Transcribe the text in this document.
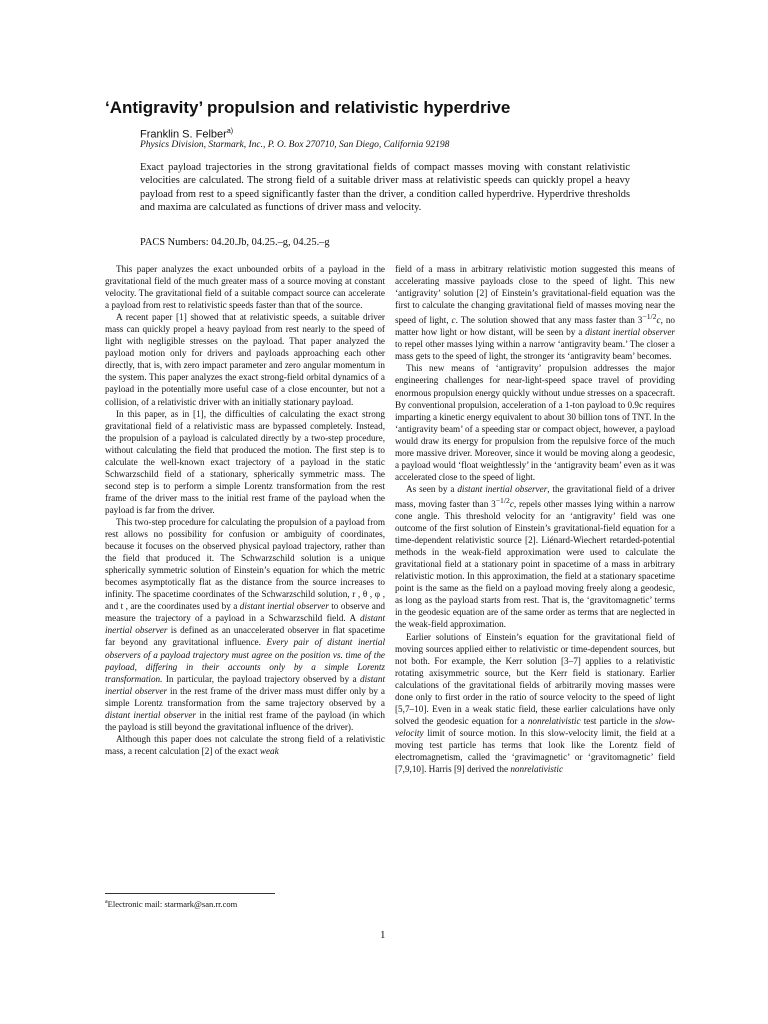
‘Antigravity’ propulsion and relativistic hyperdrive
Franklin S. Felber$^{a)}$
Physics Division, Starmark, Inc., P. O. Box 270710, San Diego, California 92198

Exact payload trajectories in the strong gravitational fields of compact masses moving with constant relativistic velocities are calculated. The strong field of a suitable driver mass at relativistic speeds can quickly propel a heavy payload from rest to a speed significantly faster than the driver, a condition called hyperdrive. Hyperdrive thresholds and maxima are calculated as functions of driver mass and velocity.

PACS Numbers: 04.20.Jb, 04.25.–g, 04.25.–g

This paper analyzes the exact unbounded orbits of a payload in the gravitational field of the much greater mass of a source moving at constant velocity. The gravitational field of a suitable compact source can accelerate a payload from rest to relativistic speeds faster than that of the source.

A recent paper [1] showed that at relativistic speeds, a suitable driver mass can quickly propel a heavy payload from rest nearly to the speed of light with negligible stresses on the payload. That paper analyzed the payload motion only for drivers and payloads approaching each other directly, that is, with zero impact parameter and zero angular momentum in the system. This paper analyzes the exact strong-field orbital dynamics of a payload in the potentially more useful case of a close encounter, but not a collision, of a relativistic driver with an initially stationary payload.

In this paper, as in [1], the difficulties of calculating the exact strong gravitational field of a relativistic mass are bypassed completely. Instead, the propulsion of a payload is calculated directly by a two-step procedure, without calculating the field that produced the motion. The first step is to calculate the well-known exact trajectory of a payload in the static Schwarzschild field of a stationary, spherically symmetric mass. The second step is to perform a simple Lorentz transformation from the rest frame of the driver mass to the initial rest frame of the payload when the payload is far from the driver.

This two-step procedure for calculating the propulsion of a payload from rest allows no possibility for confusion or ambiguity of coordinates, because it focuses on the observed physical payload trajectory, rather than the field that produced it. The Schwarzschild solution is a unique spherically symmetric solution of Einstein’s equation for which the metric becomes asymptotically flat as the distance from the source increases to infinity. The spacetime coordinates of the Schwarzschild solution, r , θ , φ , and t , are the coordinates used by a distant inertial observer to observe and measure the trajectory of a payload in a Schwarzschild field. A distant inertial observer is defined as an unaccelerated observer in flat spacetime far beyond any gravitational influence. Every pair of distant inertial observers of a payload trajectory must agree on the position vs. time of the payload, differing in their accounts only by a simple Lorentz transformation. In particular, the payload trajectory observed by a distant inertial observer in the rest frame of the driver mass must differ only by a simple Lorentz transformation from the same trajectory observed by a distant inertial observer in the initial rest frame of the payload (in which the payload is still beyond the gravitational influence of the driver).

Although this paper does not calculate the strong field of a relativistic mass, a recent calculation [2] of the exact weak

field of a mass in arbitrary relativistic motion suggested this means of accelerating massive payloads close to the speed of light. This new ‘antigravity’ solution [2] of Einstein’s gravitational-field equation was the first to calculate the changing gravitational field of masses moving near the speed of light, c. The solution showed that any mass faster than $3^{-1/2}c$, no matter how light or how distant, will be seen by a distant inertial observer to repel other masses lying within a narrow ‘antigravity beam.’ The closer a mass gets to the speed of light, the stronger its ‘antigravity beam’ becomes.

This new means of ‘antigravity’ propulsion addresses the major engineering challenges for near-light-speed space travel of providing enormous propulsion energy quickly without undue stresses on a spacecraft. By conventional propulsion, acceleration of a 1-ton payload to 0.9c requires imparting a kinetic energy equivalent to about 30 billion tons of TNT. In the ‘antigravity beam’ of a speeding star or compact object, however, a payload would draw its energy for propulsion from the repulsive force of the much more massive driver. Moreover, since it would be moving along a geodesic, a payload would ‘float weightlessly’ in the ‘antigravity beam’ even as it was accelerated close to the speed of light.

As seen by a distant inertial observer, the gravitational field of a driver mass, moving faster than $3^{-1/2}c$, repels other masses lying within a narrow cone angle. This threshold velocity for an ‘antigravity’ field was one outcome of the first solution of Einstein’s gravitational-field equation for a time-dependent relativistic source [2]. Liénard-Wiechert retarded-potential methods in the weak-field approximation were used to calculate the gravitational field at a stationary point in spacetime of a mass in arbitrary relativistic motion. In this approximation, the field at a stationary spacetime point is the same as the field on a payload moving freely along a geodesic, as long as the payload starts from rest. That is, the ‘gravitomagnetic’ terms in the geodesic equation are of the same order as terms that are neglected in the weak-field approximation.

Earlier solutions of Einstein’s equation for the gravitational field of moving sources applied either to relativistic or time-dependent sources, but not both. For example, the Kerr solution [3–7] applies to a relativistic rotating axisymmetric source, but the Kerr field is stationary. Earlier calculations of the gravitational fields of arbitrarily moving masses were done only to first order in the ratio of source velocity to the speed of light [5,7–10]. Even in a weak static field, these earlier calculations have only solved the geodesic equation for a nonrelativistic test particle in the slow-velocity limit of source motion. In this slow-velocity limit, the field at a moving test particle has terms that look like the Lorentz field of electromagnetism, called the ‘gravimagnetic’ or ‘gravitomagnetic’ field [7,9,10]. Harris [9] derived the nonrelativistic

$^a$Electronic mail: starmark@san.rr.com
1
